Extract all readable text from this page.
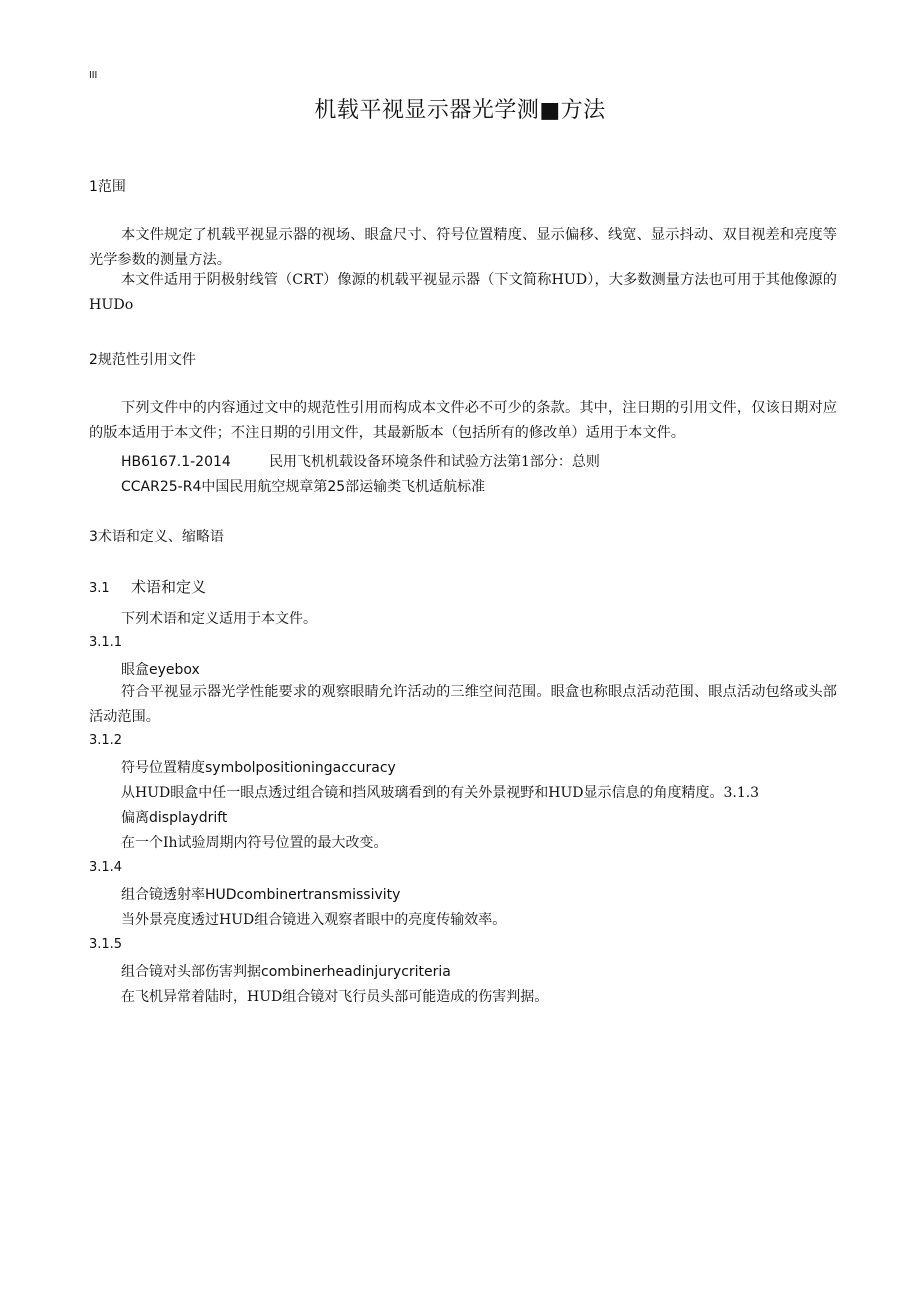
III
机载平视显示器光学测■方法
1范围
本文件规定了机载平视显示器的视场、眼盒尺寸、符号位置精度、显示偏移、线宽、显示抖动、双目视差和亮度等光学参数的测量方法。
本文件适用于阴极射线管（CRT）像源的机载平视显示器（下文简称HUD），大多数测量方法也可用于其他像源的HUDo
2规范性引用文件
下列文件中的内容通过文中的规范性引用而构成本文件必不可少的条款。其中，注日期的引用文件，仅该日期对应的版本适用于本文件；不注日期的引用文件，其最新版本（包括所有的修改单）适用于本文件。
HB6167.1-2014	民用飞机机载设备环境条件和试验方法第1部分：总则
CCAR25-R4中国民用航空规章第25部运输类飞机适航标准
3术语和定义、缩略语
3.1 术语和定义
下列术语和定义适用于本文件。
3.1.1
眼盒eyebox
符合平视显示器光学性能要求的观察眼睛允许活动的三维空间范围。眼盒也称眼点活动范围、眼点活动包络或头部活动范围。
3.1.2
符号位置精度symbolpositioningaccuracy
从HUD眼盒中任一眼点透过组合镜和挡风玻璃看到的有关外景视野和HUD显示信息的角度精度。3.1.3
偏离displaydrift
在一个Ih试验周期内符号位置的最大改变。
3.1.4
组合镜透射率HUDcombinertransmissivity
当外景亮度透过HUD组合镜进入观察者眼中的亮度传输效率。
3.1.5
组合镜对头部伤害判据combinerheadinjurycriteria
在飞机异常着陆时，HUD组合镜对飞行员头部可能造成的伤害判据。
